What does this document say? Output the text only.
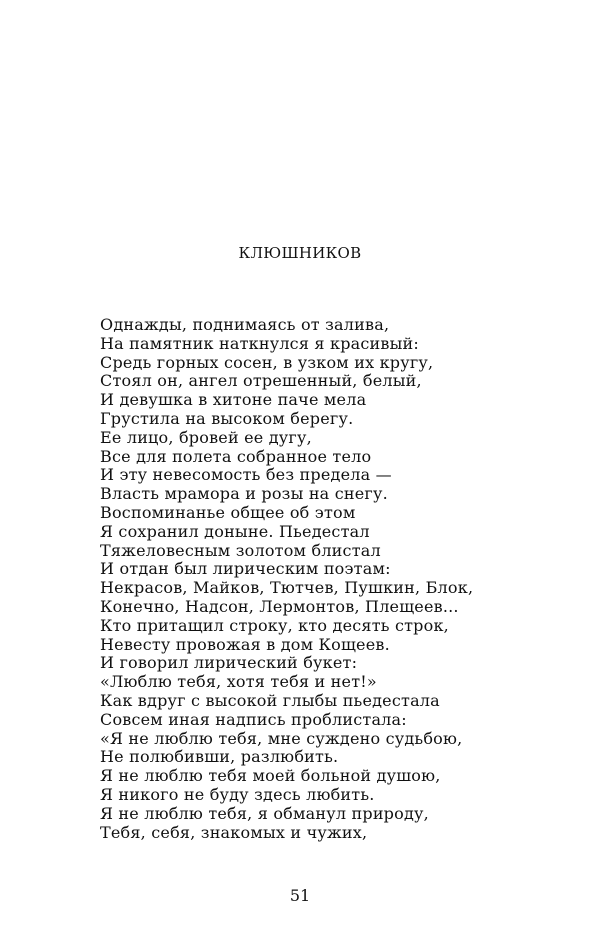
КЛЮШНИКОВ
Однажды, поднимаясь от залива,
На памятник наткнулся я красивый:
Средь горных сосен, в узком их кругу,
Стоял он, ангел отрешенный, белый,
И девушка в хитоне паче мела
Грустила на высоком берегу.
Ее лицо, бровей ее дугу,
Все для полета собранное тело
И эту невесомость без предела —
Власть мрамора и розы на снегу.
Воспоминанье общее об этом
Я сохранил доныне. Пьедестал
Тяжеловесным золотом блистал
И отдан был лирическим поэтам:
Некрасов, Майков, Тютчев, Пушкин, Блок,
Конечно, Надсон, Лермонтов, Плещеев...
Кто притащил строку, кто десять строк,
Невесту провожая в дом Кощеев.
И говорил лирический букет:
«Люблю тебя, хотя тебя и нет!»
Как вдруг с высокой глыбы пьедестала
Совсем иная надпись проблистала:
«Я не люблю тебя, мне суждено судьбою,
Не полюбивши, разлюбить.
Я не люблю тебя моей больной душою,
Я никого не буду здесь любить.
Я не люблю тебя, я обманул природу,
Тебя, себя, знакомых и чужих,
51
